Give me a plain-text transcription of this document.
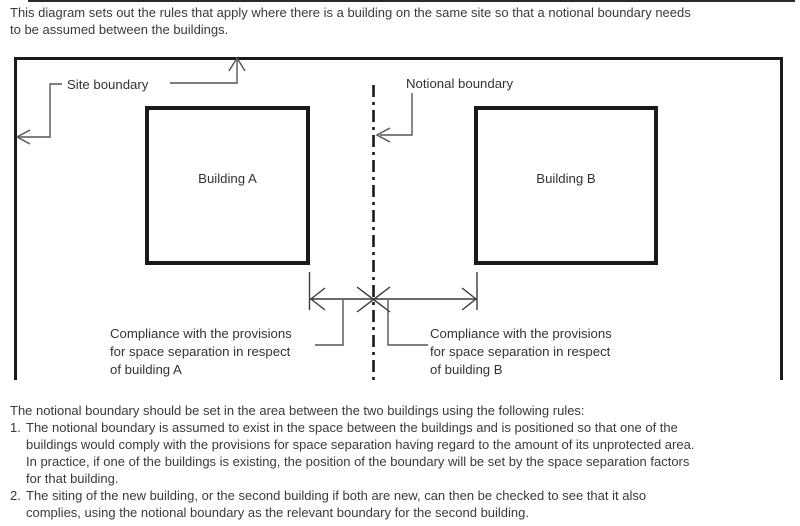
This diagram sets out the rules that apply where there is a building on the same site so that a notional boundary needs
to be assumed between the buildings.
Building A	Building B
Site boundary	Notional boundary
Compliance with the provisions
for space separation in respect
of building A
Compliance with the provisions
for space separation in respect
of building B
The notional boundary should be set in the area between the two buildings using the following rules:
1. The notional boundary is assumed to exist in the space between the buildings and is positioned so that one of the
buildings would comply with the provisions for space separation having regard to the amount of its unprotected area.
In practice, if one of the buildings is existing, the position of the boundary will be set by the space separation factors
for that building.
2. The siting of the new building, or the second building if both are new, can then be checked to see that it also
complies, using the notional boundary as the relevant boundary for the second building.
